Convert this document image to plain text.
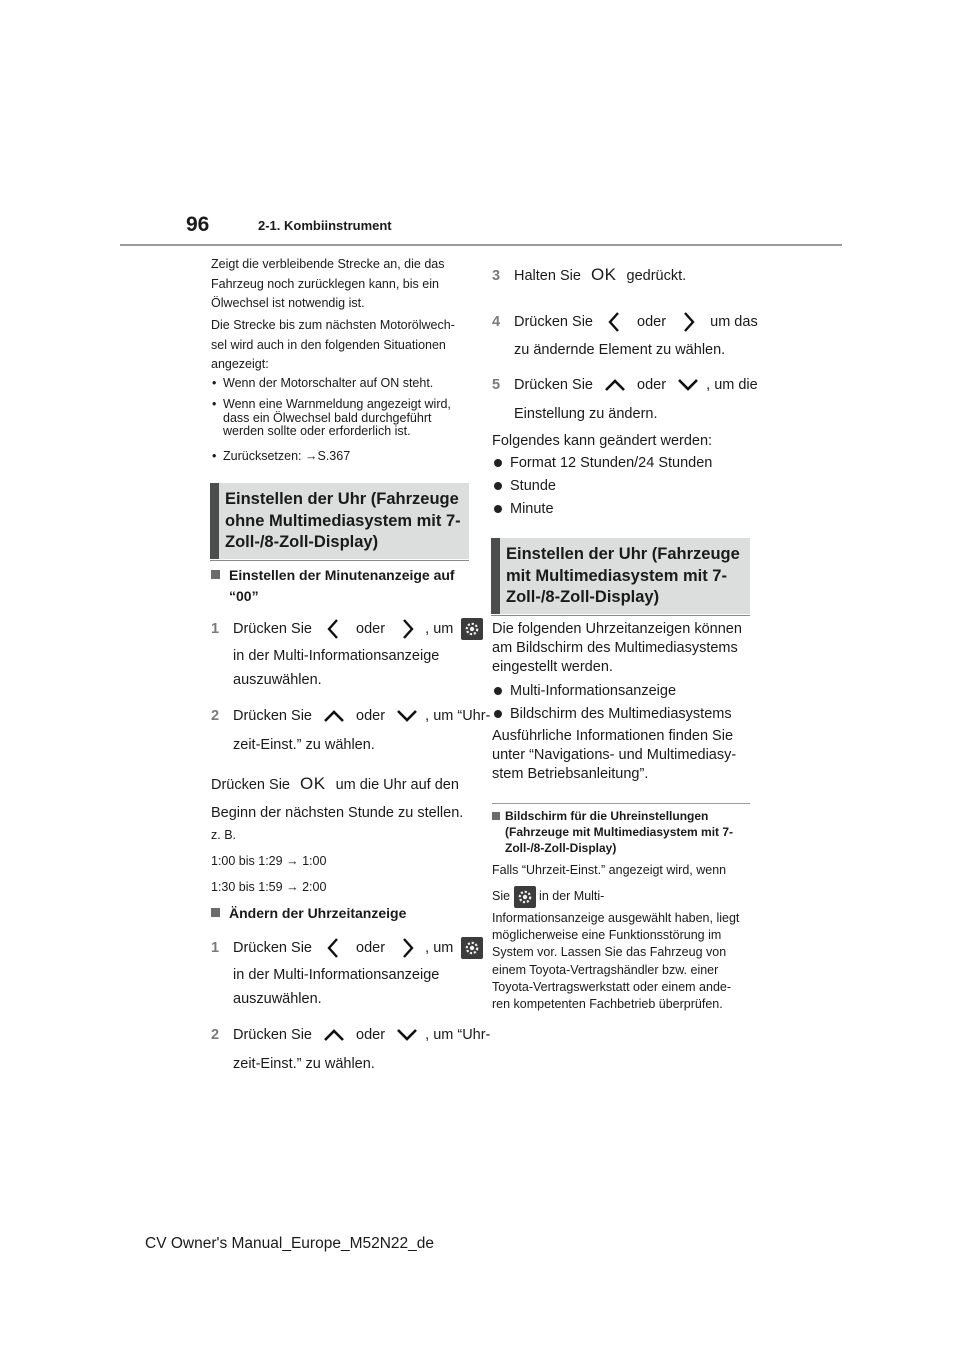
96	2-1. Kombiinstrument
Zeigt die verbleibende Strecke an, die das
Fahrzeug noch zurücklegen kann, bis ein
Ölwechsel ist notwendig ist.
Die Strecke bis zum nächsten Motorölwech-
sel wird auch in den folgenden Situationen
angezeigt:
• Wenn der Motorschalter auf ON steht.
• Wenn eine Warnmeldung angezeigt wird,
dass ein Ölwechsel bald durchgeführt
werden sollte oder erforderlich ist.
• Zurücksetzen: →S.367
Einstellen der Uhr (Fahrzeuge
ohne Multimediasystem mit 7-
Zoll-/8-Zoll-Display)
Einstellen der Minutenanzeige auf
“00”
1 Drücken Sie	oder	, um
in der Multi-Informationsanzeige
auszuwählen.
2 Drücken Sie	oder	, um “Uhr-
zeit-Einst.” zu wählen.
Drücken Sie OK um die Uhr auf den
Beginn der nächsten Stunde zu stellen.
z. B.
1:00 bis 1:29 → 1:00
1:30 bis 1:59 → 2:00
Ändern der Uhrzeitanzeige
1 Drücken Sie	oder	, um
in der Multi-Informationsanzeige
auszuwählen.
2 Drücken Sie	oder	, um “Uhr-
zeit-Einst.” zu wählen.
3 Halten Sie OK gedrückt.
4 Drücken Sie	oder	um das
zu ändernde Element zu wählen.
5 Drücken Sie	oder	, um die
Einstellung zu ändern.
Folgendes kann geändert werden:
Format 12 Stunden/24 Stunden
Stunde
Minute
Einstellen der Uhr (Fahrzeuge
mit Multimediasystem mit 7-
Zoll-/8-Zoll-Display)
Die folgenden Uhrzeitanzeigen können
am Bildschirm des Multimediasystems
eingestellt werden.
Multi-Informationsanzeige
Bildschirm des Multimediasystems
Ausführliche Informationen finden Sie
unter “Navigations- und Multimediasy-
stem Betriebsanleitung”.
Bildschirm für die Uhreinstellungen
(Fahrzeuge mit Multimediasystem mit 7-
Zoll-/8-Zoll-Display)
Falls “Uhrzeit-Einst.” angezeigt wird, wenn
Sie in der Multi-
Informationsanzeige ausgewählt haben, liegt
möglicherweise eine Funktionsstörung im
System vor. Lassen Sie das Fahrzeug von
einem Toyota-Vertragshändler bzw. einer
Toyota-Vertragswerkstatt oder einem ande-
ren kompetenten Fachbetrieb überprüfen.
CV Owner's Manual_Europe_M52N22_de
